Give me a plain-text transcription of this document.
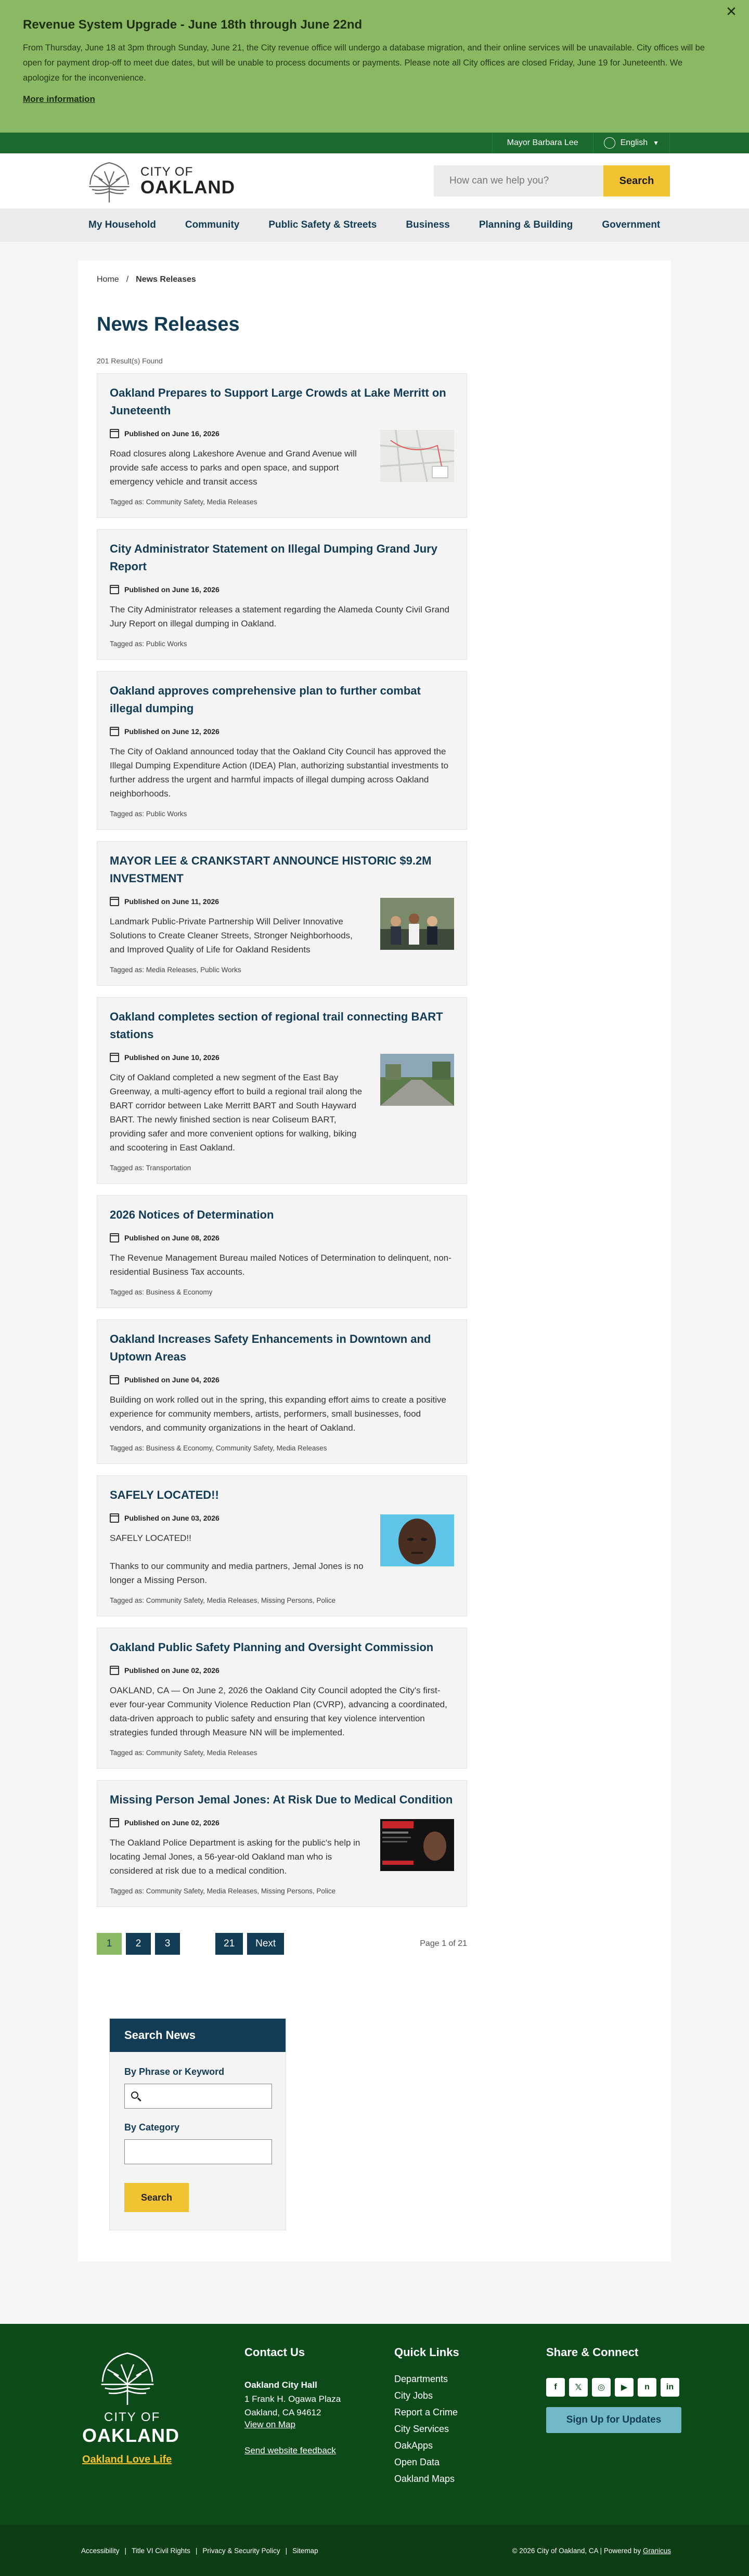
✕
Revenue System Upgrade - June 18th through June 22nd

From Thursday, June 18 at 3pm through Sunday, June 21, the City revenue office will undergo a database migration, and their online services will be unavailable. City offices will be open for payment drop-off to meet due dates, but will be unable to process documents or payments. Please note all City offices are closed Friday, June 19 for Juneteenth. We apologize for the inconvenience.

More information
Mayor Barbara Lee	English ▼
CITY OF
OAKLAND
How can we help you?	Search
My Household	Community	Public Safety & Streets	Business	Planning & Building	Government
Home / News Releases
News Releases
201 Result(s) Found
Oakland Prepares to Support Large Crowds at Lake Merritt on Juneteenth
Published on June 16, 2026

Road closures along Lakeshore Avenue and Grand Avenue will provide safe access to parks and open space, and support emergency vehicle and transit access

Tagged as: Community Safety, Media Releases
City Administrator Statement on Illegal Dumping Grand Jury Report
Published on June 16, 2026

The City Administrator releases a statement regarding the Alameda County Civil Grand Jury Report on illegal dumping in Oakland.

Tagged as: Public Works
Oakland approves comprehensive plan to further combat illegal dumping
Published on June 12, 2026

The City of Oakland announced today that the Oakland City Council has approved the Illegal Dumping Expenditure Action (IDEA) Plan, authorizing substantial investments to further address the urgent and harmful impacts of illegal dumping across Oakland neighborhoods.

Tagged as: Public Works
MAYOR LEE & CRANKSTART ANNOUNCE HISTORIC $9.2M INVESTMENT
Published on June 11, 2026

Landmark Public-Private Partnership Will Deliver Innovative Solutions to Create Cleaner Streets, Stronger Neighborhoods, and Improved Quality of Life for Oakland Residents

Tagged as: Media Releases, Public Works
Oakland completes section of regional trail connecting BART stations
Published on June 10, 2026

City of Oakland completed a new segment of the East Bay Greenway, a multi-agency effort to build a regional trail along the BART corridor between Lake Merritt BART and South Hayward BART. The newly finished section is near Coliseum BART, providing safer and more convenient options for walking, biking and scootering in East Oakland.

Tagged as: Transportation
2026 Notices of Determination
Published on June 08, 2026

The Revenue Management Bureau mailed Notices of Determination to delinquent, non-residential Business Tax accounts.

Tagged as: Business & Economy
Oakland Increases Safety Enhancements in Downtown and Uptown Areas
Published on June 04, 2026

Building on work rolled out in the spring, this expanding effort aims to create a positive experience for community members, artists, performers, small businesses, food vendors, and community organizations in the heart of Oakland.

Tagged as: Business & Economy, Community Safety, Media Releases
SAFELY LOCATED!!
Published on June 03, 2026

SAFELY LOCATED!!

Thanks to our community and media partners, Jemal Jones is no longer a Missing Person.

Tagged as: Community Safety, Media Releases, Missing Persons, Police
Oakland Public Safety Planning and Oversight Commission
Published on June 02, 2026

OAKLAND, CA — On June 2, 2026 the Oakland City Council adopted the City's first-ever four-year Community Violence Reduction Plan (CVRP), advancing a coordinated, data-driven approach to public safety and ensuring that key violence intervention strategies funded through Measure NN will be implemented.

Tagged as: Community Safety, Media Releases
Missing Person Jemal Jones: At Risk Due to Medical Condition
Published on June 02, 2026

The Oakland Police Department is asking for the public's help in locating Jemal Jones, a 56-year-old Oakland man who is considered at risk due to a medical condition.

Tagged as: Community Safety, Media Releases, Missing Persons, Police
1	2	3	21	Next	Page 1 of 21
Search News
By Phrase or Keyword
By Category
Search
CITY OF
OAKLAND
Oakland Love Life
Contact Us
Oakland City Hall
1 Frank H. Ogawa Plaza
Oakland, CA 94612
View on Map
Send website feedback
Quick Links
Departments
City Jobs
Report a Crime
City Services
OakApps
Open Data
Oakland Maps
Share & Connect
f	𝕏	◎	▶	n	in
Sign Up for Updates
Accessibility | Title VI Civil Rights | Privacy & Security Policy | Sitemap	© 2026 City of Oakland, CA | Powered by Granicus
